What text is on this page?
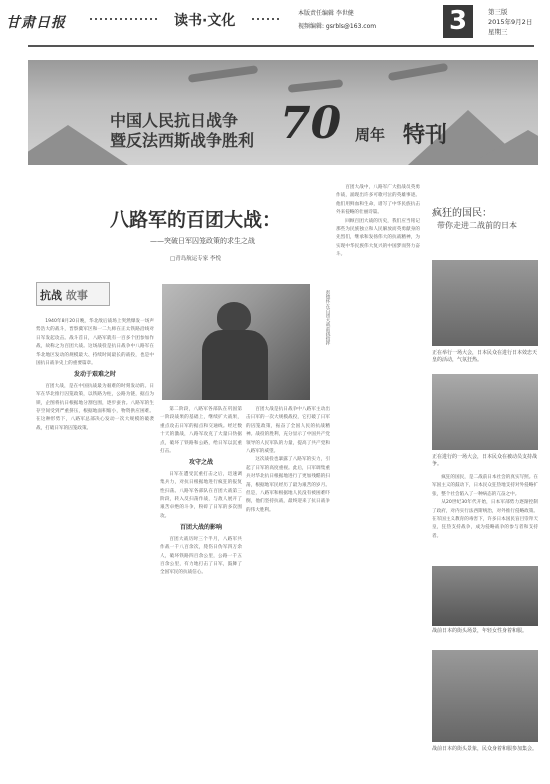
甘肃日报	读书·文化	本版责任编辑 李世健
视频编辑: gsrbls@163.com	3	第三版
2015年9月2日
星期三
中国人民抗日战争
暨反法西斯战争胜利 70 周年 特刊
八路军的百团大战：
——突破日军囚笼政策的求生之战
□青岛航运专家 李悦
抗战 故事	彭德怀在百团大战前线指挥

1940年8月20日晚，华北敌后战场上突然爆发一场声势浩大的战斗，晋察冀军区和一二九师在正太铁路沿线对日军发起攻击。战斗首日，八路军就有一百多个团参加作战，故称之为百团大战。这场战役是抗日战争中八路军在华北地区发动的规模最大、持续时间最长的战役，也是中国抗日战争史上的重要篇章。

发动于艰难之时

百团大战，是在中国抗战最为艰难的时刻发动的。日军在华北推行囚笼政策，以铁路为柱，公路为链，据点为锁，企图将抗日根据地分割包围，逐步蚕食。八路军的生存空间受到严重挤压，根据地面积缩小，物资供应困难。在这种形势下，八路军总部决心发动一次大规模的破袭战，打破日军的囚笼政策。

第二阶段，八路军各部队在巩固第一阶段战果的基础上，继续扩大战果，重点攻击日军的据点和交通线。经过数十天的激战，八路军攻克了大量日伪据点，破坏了铁路和公路，给日军以沉重打击。

攻守之战

日军在遭受沉重打击之后，迅速调集兵力，对抗日根据地进行疯狂的报复性扫荡。八路军各部队在百团大战第三阶段，转入反扫荡作战，与敌人展开了艰苦卓绝的斗争，粉碎了日军的多次围攻。

百团大战的影响

百团大战历时三个半月，八路军共作战一千八百余次，毙伤日伪军四万余人，破坏铁路四百余公里，公路一千五百余公里，有力地打击了日军，鼓舞了全国军民的抗战信心。

百团大战是抗日战争中八路军主动出击日军的一次大规模战役，它打破了日军的囚笼政策，振奋了全国人民的抗战精神。战役的胜利，充分显示了中国共产党领导的人民军队的力量，提高了共产党和八路军的威望。

这次战役也暴露了八路军的实力，引起了日军的高度重视。此后，日军调集重兵对华北抗日根据地进行了更加残酷的扫荡，根据地军民经历了最为艰苦的岁月。但是，八路军和根据地人民没有被困难吓倒，他们坚持抗战，最终迎来了抗日战争的伟大胜利。

百团大战中，八路军广大指战员英勇作战，涌现出许多可歌可泣的英雄事迹。他们用鲜血和生命，谱写了中华民族抗击外来侵略的壮丽诗篇。

回顾百团大战的历史，我们应当铭记那些为民族独立和人民解放而英勇献身的先烈们，继承和发扬伟大的抗战精神，为实现中华民族伟大复兴的中国梦而努力奋斗。

疯狂的国民：
带你走进二战前的日本
正在举行一场大会，日本民众在进行日本效忠天皇的活动，气氛狂热。
正在进行的一场大会，日本民众在被动员支持战争。

疯狂的国民，是二战前日本社会的真实写照。在军国主义的鼓动下，日本民众狂热地支持对外侵略扩张，整个社会陷入了一种病态的亢奋之中。

从20世纪30年代开始，日本军部势力逐渐控制了政府，对内实行法西斯统治，对外推行侵略政策。在军国主义教育的毒害下，许多日本国民盲目崇拜天皇，狂热支持战争，成为侵略战争的参与者和支持者。

战前日本的街头场景，年轻女性身着和服。
战前日本的街头景象，民众身着和服参加集会。
